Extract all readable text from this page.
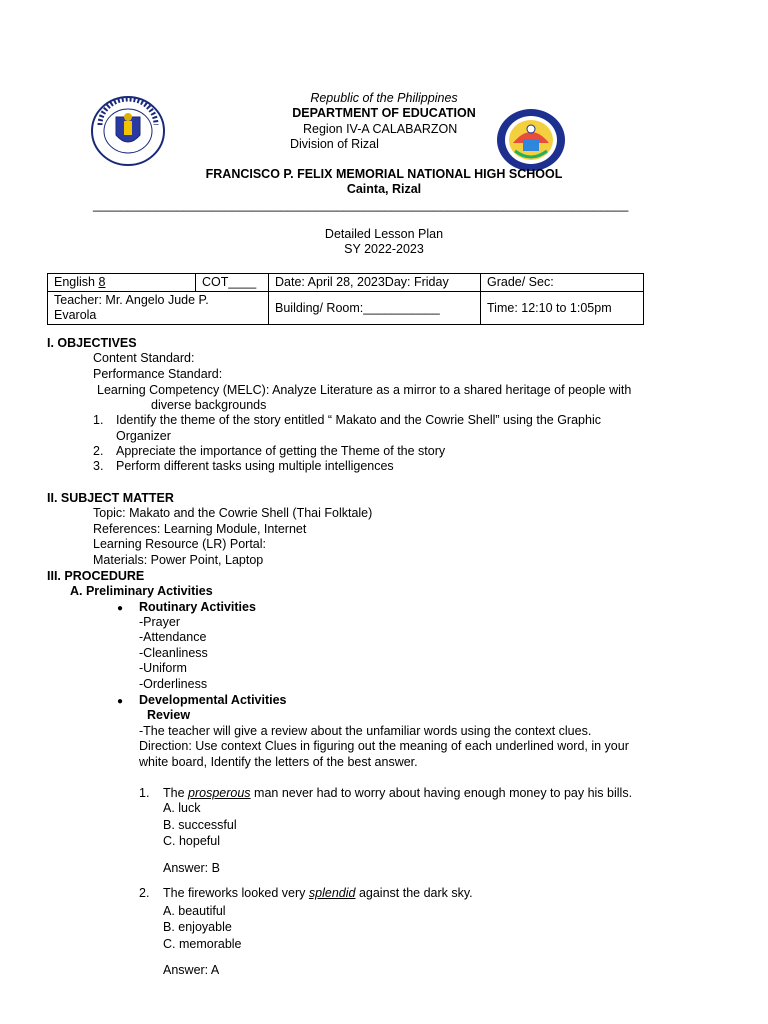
Republic of the Philippines
DEPARTMENT OF EDUCATION
Region IV-A CALABARZON
Division of Rizal
FRANCISCO P. FELIX MEMORIAL NATIONAL HIGH SCHOOL
Cainta, Rizal
_____________________________________________________________________________
Detailed Lesson Plan
SY 2022-2023
English 8	COT____	Date: April 28, 2023Day: Friday	Grade/ Sec:

Teacher: Mr. Angelo Jude P.
Evarola		Building/ Room:___________	Time: 12:10 to 1:05pm
I. OBJECTIVES
Content Standard:
Performance Standard:
Learning Competency (MELC): Analyze Literature as a mirror to a shared heritage of people with
diverse backgrounds
1. Identify the theme of the story entitled “ Makato and the Cowrie Shell” using the Graphic
Organizer
2. Appreciate the importance of getting the Theme of the story
3. Perform different tasks using multiple intelligences
II. SUBJECT MATTER
Topic: Makato and the Cowrie Shell (Thai Folktale)
References: Learning Module, Internet
Learning Resource (LR) Portal:
Materials: Power Point, Laptop
III. PROCEDURE
A. Preliminary Activities
● Routinary Activities
-Prayer
-Attendance
-Cleanliness
-Uniform
-Orderliness
● Developmental Activities
Review
-The teacher will give a review about the unfamiliar words using the context clues.
Direction: Use context Clues in figuring out the meaning of each underlined word, in your
white board, Identify the letters of the best answer.
1. The prosperous man never had to worry about having enough money to pay his bills.
A. luck
B. successful
C. hopeful
Answer: B
2. The fireworks looked very splendid against the dark sky.
A. beautiful
B. enjoyable
C. memorable
Answer: A
